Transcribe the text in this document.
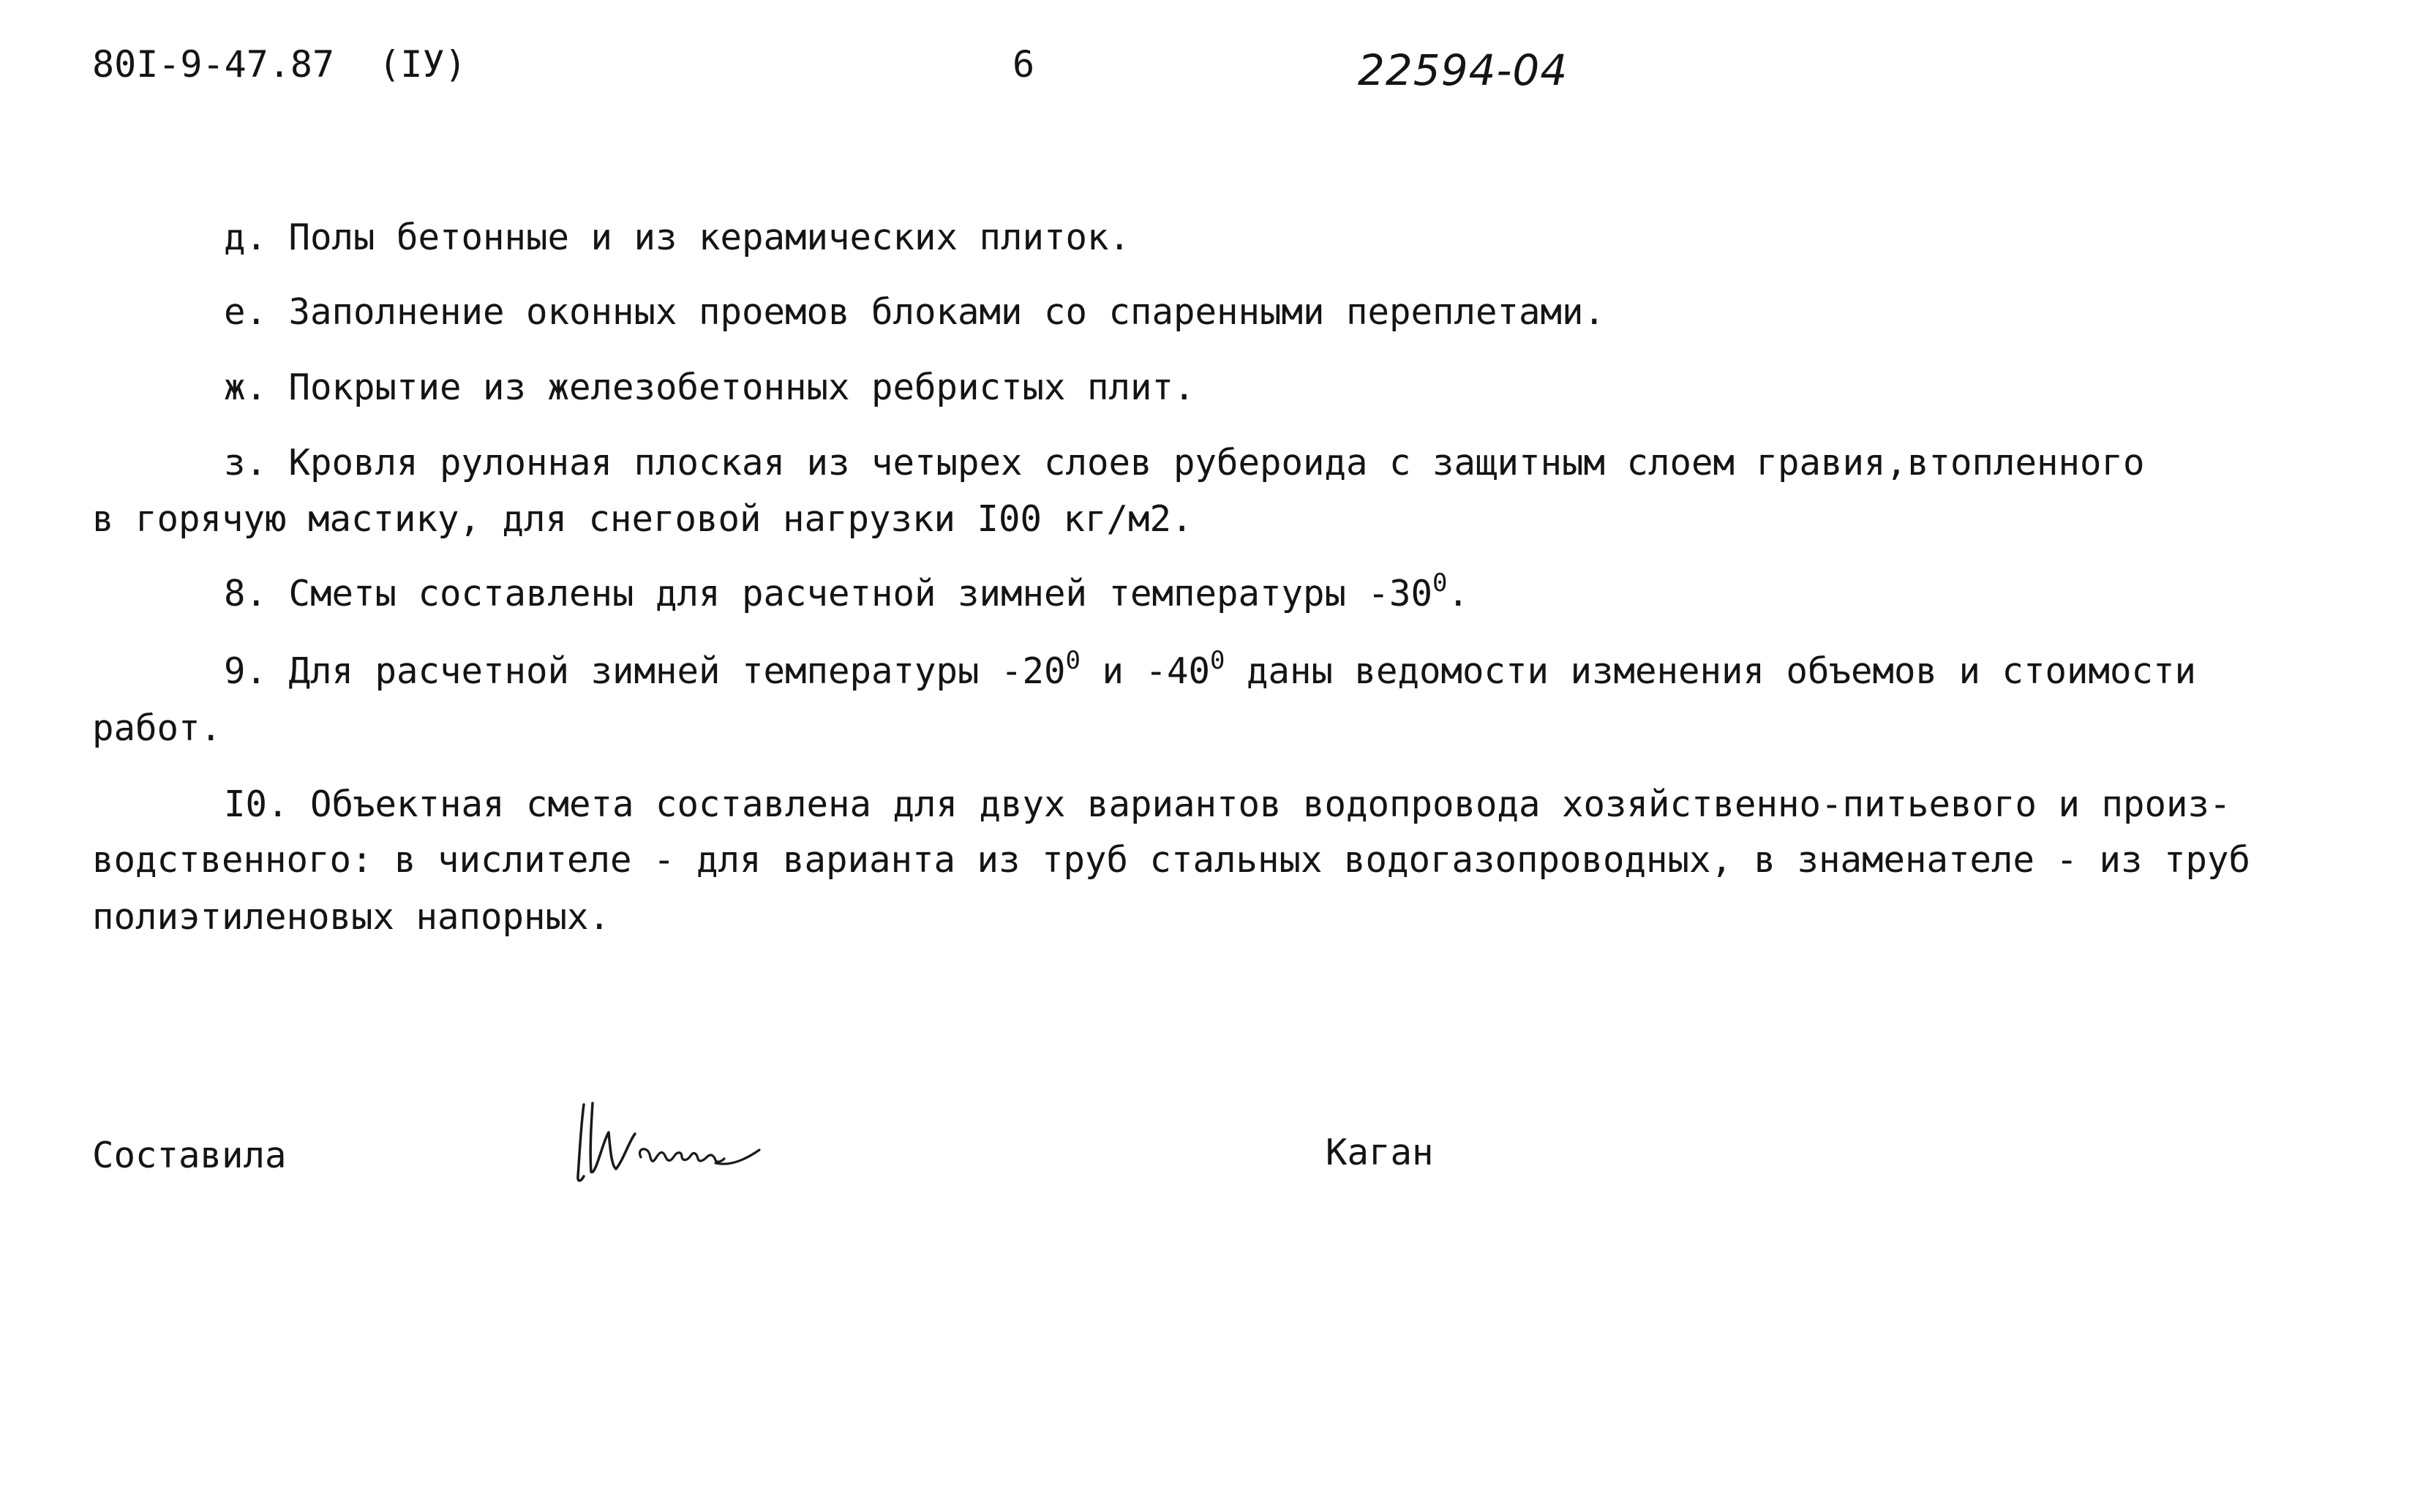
80I-9-47.87  (IУ)	6	22594-04
д. Полы бетонные и из керамических плиток.
е. Заполнение оконных проемов блоками со спаренными переплетами.
ж. Покрытие из железобетонных ребристых плит.
з. Кровля рулонная плоская из четырех слоев рубероида с защитным слоем гравия,втопленного
в горячую мастику, для снеговой нагрузки I00 кг/м2.
8. Сметы составлены для расчетной зимней температуры $-30^0$.
9. Для расчетной зимней температуры $-20^0$ и $-40^0$ даны ведомости изменения объемов и стоимости
работ.
I0. Объектная смета составлена для двух вариантов водопровода хозяйственно-питьевого и произ-
водственного: в числителе - для варианта из труб стальных водогазопроводных, в знаменателе - из труб
полиэтиленовых напорных.
Составила	Каган
